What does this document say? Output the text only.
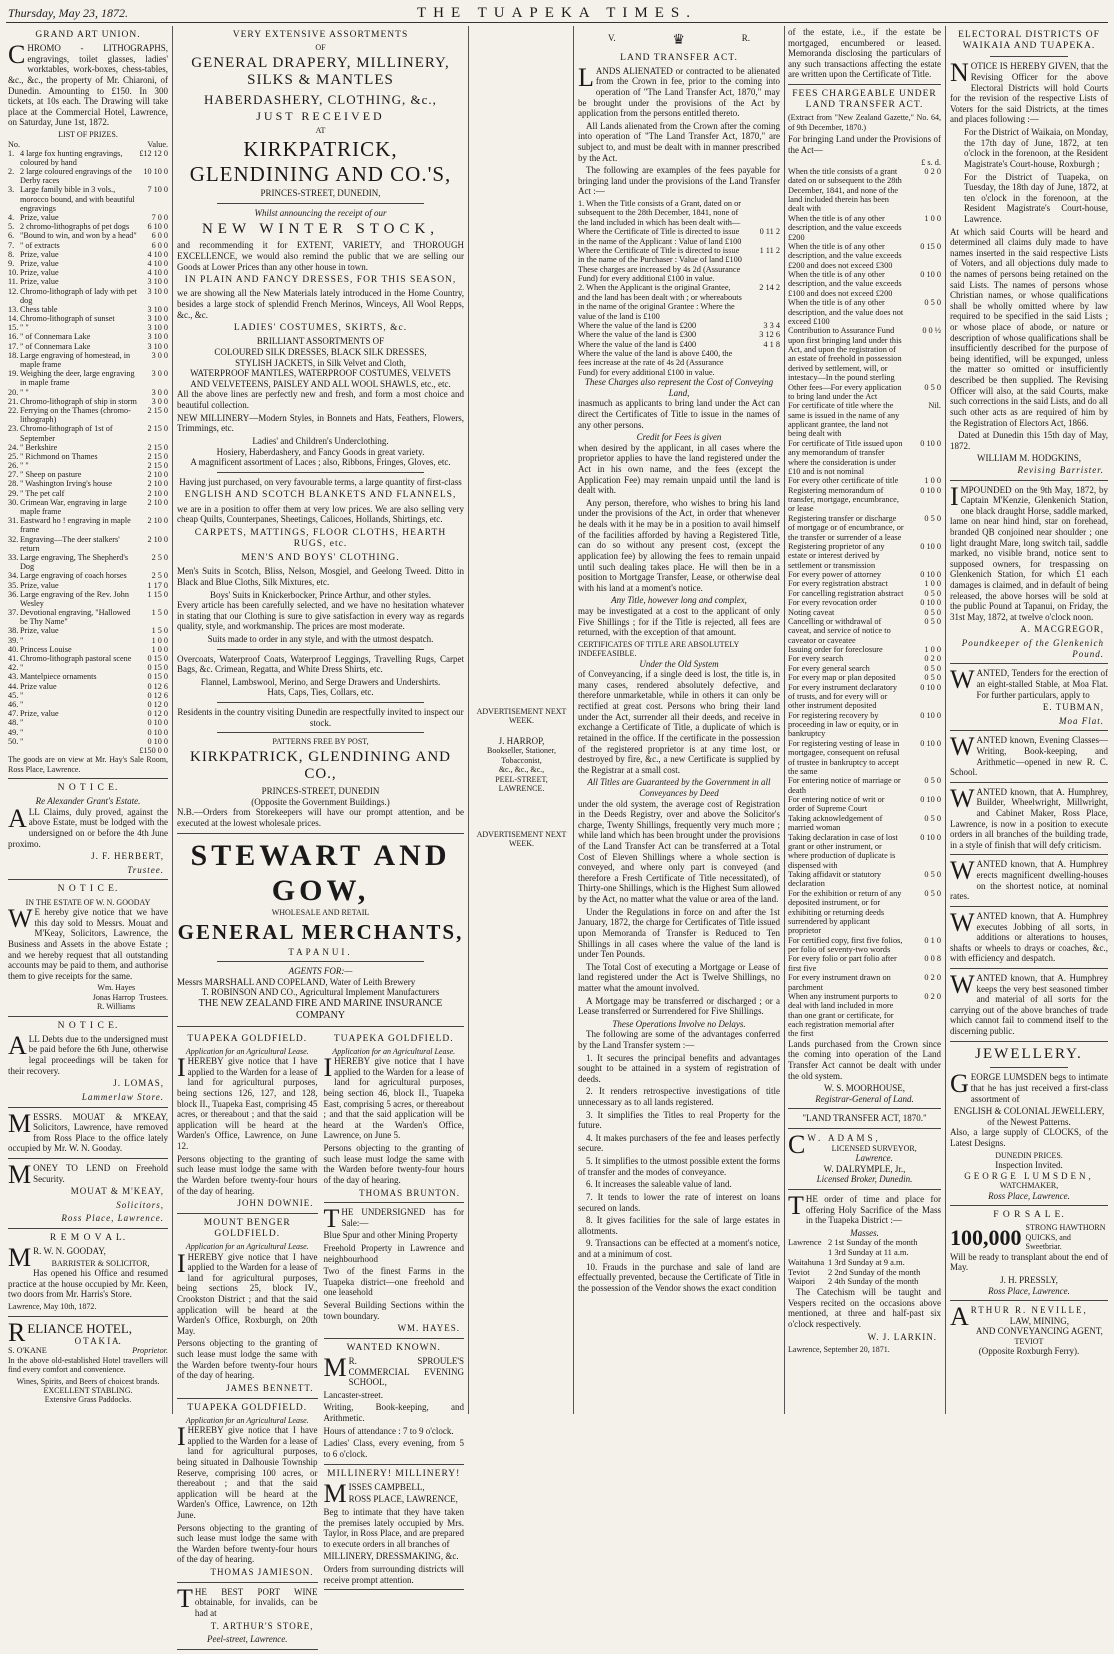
Thursday, May 23, 1872.	THE TUAPEKA TIMES.
GRAND ART UNION.

CHROMO - LITHOGRAPHS, engravings, toilet glasses, ladies' worktables, work-boxes, chess-tables, &c., &c., the property of Mr. Chiaroni, of Dunedin. Amounting to £150. In 300 tickets, at 10s each. The Drawing will take place at the Commercial Hotel, Lawrence, on Saturday, June 1st, 1872.

LIST OF PRIZES.
No.	Value.
1. 4 large fox hunting engravings, coloured by hand
£12 12 0
2. 2 large coloured engravings of the Derby races
10 10 0
3. Large family bible in 3 vols., morocco bound, and with beautiful engravings
7 10 0
4. Prize, value	7 0 0
5. 2 chromo-lithographs of pet dogs	6 10 0
6. "Bound to win, and won by a head"	6 0 0
7. " of extracts	6 0 0
8. Prize, value	4 10 0
9. Prize, value	4 10 0
10. Prize, value	4 10 0
11. Prize, value	3 10 0
12. Chromo-lithograph of lady with pet dog
3 10 0
13. Chess table	3 10 0
14. Chromo-lithograph of sunset	3 10 0
15. " "	3 10 0
16. " of Connemara Lake	3 10 0
17. " of Connemara Lake	3 10 0
18. Large engraving of homestead, in maple frame
3 0 0
19. Weighing the deer, large engraving in maple frame
3 0 0
20. " "	3 0 0
21. Chromo-lithograph of ship in storm	3 0 0
22. Ferrying on the Thames (chromo-lithograph)
2 15 0
23. Chromo-lithograph of 1st of September
2 15 0
24. " Berkshire	2 15 0
25. " Richmond on Thames	2 15 0
26. " "	2 15 0
27. " Sheep on pasture	2 10 0
28. " Washington Irving's house	2 10 0
29. " The pet calf	2 10 0
30. Crimean War, engraving in large maple frame
2 10 0
31. Eastward ho ! engraving in maple frame
2 10 0
32. Engraving—The deer stalkers' return
2 10 0
33. Large engraving, The Shepherd's Dog
2 5 0
34. Large engraving of coach horses	2 5 0
35. Prize, value	1 17 0
36. Large engraving of the Rev. John Wesley
1 15 0
37. Devotional engraving, "Hallowed be Thy Name"
1 5 0
38. Prize, value	1 5 0
39. "	1 0 0
40. Princess Louise	1 0 0
41. Chromo-lithograph pastoral scene	0 15 0
42. "	0 15 0
43. Mantelpiece ornaments	0 15 0
44. Prize value	0 12 6
45. "	0 12 6
46. "	0 12 0
47. Prize, value	0 12 0
48. "	0 10 0
49. "	0 10 0
50. "	0 10 0
£150 0 0

The goods are on view at Mr. Hay's Sale Room, Ross Place, Lawrence.

N O T I C E.
Re Alexander Grant's Estate.

ALL Claims, duly proved, against the above Estate, must be lodged with the undersigned on or before the 4th June proximo.

J. F. HERBERT,
Trustee.
N O T I C E.
IN THE ESTATE OF W. N. GOODAY

W E hereby give notice that we have this day sold to Messrs. Mouat and M'Keay, Solicitors, Lawrence, the Business and Assets in the above Estate ; and we hereby request that all outstanding accounts may be paid to them, and authorise them to give receipts for the same.

Wm. Hayes
Jonas Harrop
R. Williams
Trustees.
N O T I C E.

ALL Debts due to the undersigned must be paid before the 6th June, otherwise legal proceedings will be taken for their recovery.

J. LOMAS,
Lammerlaw Store.

MESSRS. MOUAT & M'KEAY, Solicitors, Lawrence, have removed from Ross Place to the office lately occupied by Mr. W. N. Gooday.

MONEY TO LEND on Freehold Security.

MOUAT & M'KEAY,
Solicitors,
Ross Place, Lawrence.
R E M O V A L.

M R. W. N. GOODAY,

BARRISTER & SOLICITOR,

Has opened his Office and resumed practice at the house occupied by Mr. Keen, two doors from Mr. Harris's Store.

Lawrence, May 10th, 1872.
RELIANCE HOTEL,
O T A K I A.
S. O'KANE	Proprietor.

In the above old-established Hotel travellers will find every comfort and convenience.

Wines, Spirits, and Beers of choicest brands.
EXCELLENT STABLING.
Extensive Grass Paddocks.
VERY EXTENSIVE ASSORTMENTS
OF
GENERAL DRAPERY, MILLINERY, SILKS & MANTLES
HABERDASHERY, CLOTHING, &c.,
JUST RECEIVED
AT
KIRKPATRICK, GLENDINING AND CO.'S,
PRINCES-STREET, DUNEDIN,
Whilst announcing the receipt of our
NEW WINTER STOCK,

and recommending it for EXTENT, VARIETY, and THOROUGH EXCELLENCE, we would also remind the public that we are selling our Goods at Lower Prices than any other house in town.

IN PLAIN AND FANCY DRESSES, FOR THIS SEASON,

we are showing all the New Materials lately introduced in the Home Country, besides a large stock of splendid French Merinos, Winceys, All Wool Repps, &c., &c.

LADIES' COSTUMES, SKIRTS, &c.
BRILLIANT ASSORTMENTS OF
COLOURED SILK DRESSES, BLACK SILK DRESSES,
STYLISH JACKETS, in Silk Velvet and Cloth,
WATERPROOF MANTLES, WATERPROOF COSTUMES, VELVETS
AND VELVETEENS, PAISLEY AND ALL WOOL SHAWLS, etc., etc.

All the above lines are perfectly new and fresh, and form a most choice and beautiful collection.

NEW MILLINERY—Modern Styles, in Bonnets and Hats, Feathers, Flowers, Trimmings, etc.

Ladies' and Children's Underclothing.
Hosiery, Haberdashery, and Fancy Goods in great variety.
A magnificent assortment of Laces ; also, Ribbons, Fringes, Gloves, etc.
Having just purchased, on very favourable terms, a large quantity of first-class
ENGLISH AND SCOTCH BLANKETS AND FLANNELS,

we are in a position to offer them at very low prices. We are also selling very cheap Quilts, Counterpanes, Sheetings, Calicoes, Hollands, Shirtings, etc.

CARPETS, MATTINGS, FLOOR CLOTHS, HEARTH RUGS, etc.
MEN'S AND BOYS' CLOTHING.

Men's Suits in Scotch, Bliss, Nelson, Mosgiel, and Geelong Tweed. Ditto in Black and Blue Cloths, Silk Mixtures, etc.

Boys' Suits in Knickerbocker, Prince Arthur, and other styles.

Every article has been carefully selected, and we have no hesitation whatever in stating that our Clothing is sure to give satisfaction in every way as regards quality, style, and workmanship. The prices are most moderate.

Suits made to order in any style, and with the utmost despatch.

Overcoats, Waterproof Coats, Waterproof Leggings, Travelling Rugs, Carpet Bags, &c. Crimean, Regatta, and White Dress Shirts, etc.

Flannel, Lambswool, Merino, and Serge Drawers and Undershirts.
Hats, Caps, Ties, Collars, etc.
Residents in the country visiting Dunedin are respectfully invited to inspect our stock.
PATTERNS FREE BY POST,
KIRKPATRICK, GLENDINING AND CO.,
PRINCES-STREET, DUNEDIN
(Opposite the Government Buildings.)

N.B.—Orders from Storekeepers will have our prompt attention, and be executed at the lowest wholesale prices.

STEWART AND GOW,
WHOLESALE AND RETAIL
GENERAL MERCHANTS,
TAPANUI.
AGENTS FOR:—
Messrs MARSHALL AND COPELAND, Water of Leith Brewery
T. ROBINSON AND CO., Agricultural Implement Manufacturers
THE NEW ZEALAND FIRE AND MARINE INSURANCE COMPANY
TUAPEKA GOLDFIELD.
Application for an Agricultural Lease.

IHEREBY give notice that I have applied to the Warden for a lease of land for agricultural purposes, being sections 126, 127, and 128, block II., Tuapeka East, comprising 45 acres, or thereabout ; and that the said application will be heard at the Warden's Office, Lawrence, on June 12.

Persons objecting to the granting of such lease must lodge the same with the Warden before twenty-four hours of the day of hearing.

JOHN DOWNIE.
MOUNT BENGER GOLDFIELD.
Application for an Agricultural Lease.

IHEREBY give notice that I have applied to the Warden for a lease of land for agricultural purposes, being sections 25, block IV., Crookston District ; and that the said application will be heard at the Warden's Office, Roxburgh, on 20th May.

Persons objecting to the granting of such lease must lodge the same with the Warden before twenty-four hours of the day of hearing.

JAMES BENNETT.
TUAPEKA GOLDFIELD.
Application for an Agricultural Lease.

IHEREBY give notice that I have applied to the Warden for a lease of land for agricultural purposes, being situated in Dalhousie Township Reserve, comprising 100 acres, or thereabout ; and that the said application will be heard at the Warden's Office, Lawrence, on 12th June.

Persons objecting to the granting of such lease must lodge the same with the Warden before twenty-four hours of the day of hearing.

THOMAS JAMIESON.

THE BEST PORT WINE obtainable, for invalids, can be had at

T. ARTHUR'S STORE,
Peel-street, Lawrence.
TUAPEKA GOLDFIELD.
Application for an Agricultural Lease.

IHEREBY give notice that I have applied to the Warden for a lease of land for agricultural purposes, being section 46, block II., Tuapeka East, comprising 5 acres, or thereabout ; and that the said application will be heard at the Warden's Office, Lawrence, on June 5.

Persons objecting to the granting of such lease must lodge the same with the Warden before twenty-four hours of the day of hearing.

THOMAS BRUNTON.

THE UNDERSIGNED has for Sale:—

Blue Spur and other Mining Property

Freehold Property in Lawrence and neighbourhood

Two of the finest Farms in the Tuapeka district—one freehold and one leasehold

Several Building Sections within the town boundary.

WM. HAYES.
WANTED KNOWN.

M R. SPROULE'S COMMERCIAL EVENING SCHOOL,

Lancaster-street.

Writing, Book-keeping, and Arithmetic.

Hours of attendance : 7 to 9 o'clock.

Ladies' Class, every evening, from 5 to 6 o'clock.

MILLINERY! MILLINERY!

MISSES CAMPBELL,

ROSS PLACE, LAWRENCE,

Beg to intimate that they have taken the premises lately occupied by Mrs. Taylor, in Ross Place, and are prepared to execute orders in all branches of

MILLINERY, DRESSMAKING, &c.

Orders from surrounding districts will receive prompt attention.

ADVERTISEMENT NEXT WEEK.
J. HARROP,
Bookseller, Stationer, Tobacconist,
&c., &c., &c.,
PEEL-STREET, LAWRENCE.
ADVERTISEMENT NEXT WEEK.
V.	♛	R.
LAND TRANSFER ACT.

LANDS ALIENATED or contracted to be alienated from the Crown in fee, prior to the coming into operation of "The Land Transfer Act, 1870," may be brought under the provisions of the Act by application from the persons entitled thereto.

All Lands alienated from the Crown after the coming into operation of "The Land Transfer Act, 1870," are subject to, and must be dealt with in manner prescribed by the Act.

The following are examples of the fees payable for bringing land under the provisions of the Land Transfer Act :—

1. When the Title consists of a Grant, dated on or subsequent to the 28th December, 1841, none of the land included in which has been dealt with—
Where the Certificate of Title is directed to issue in the name of the Applicant : Value of land £100
0 11 2
Where the Certificate of Title is directed to issue in the name of the Purchaser : Value of land £100
1 11 2
These charges are increased by 4s 2d (Assurance Fund) for every additional £100 in value.
2. When the Applicant is the original Grantee, and the land has been dealt with ; or whereabouts in the name of the original Grantee : Where the value of the land is £100
2 14 2
Where the value of the land is £200	3 3 4
Where the value of the land is £300	3 12 6
Where the value of the land is £400	4 1 8
Where the value of the land is above £400, the fees increase at the rate of 4s 2d (Assurance Fund) for every additional £100 in value.
These Charges also represent the Cost of Conveying Land,

inasmuch as applicants to bring land under the Act can direct the Certificates of Title to issue in the names of any other persons.

Credit for Fees is given

when desired by the applicant, in all cases where the proprietor applies to have the land registered under the Act in his own name, and the fees (except the Application Fee) may remain unpaid until the land is dealt with.

Any person, therefore, who wishes to bring his land under the provisions of the Act, in order that whenever he deals with it he may be in a position to avail himself of the facilities afforded by having a Registered Title, can do so without any present cost, (except the application fee) by allowing the fees to remain unpaid until such dealing takes place. He will then be in a position to Mortgage Transfer, Lease, or otherwise deal with his land at a moment's notice.

Any Title, however long and complex,

may be investigated at a cost to the applicant of only Five Shillings ; for if the Title is rejected, all fees are returned, with the exception of that amount.

CERTIFICATES OF TITLE ARE ABSOLUTELY INDEFEASIBLE.
Under the Old System

of Conveyancing, if a single deed is lost, the title is, in many cases, rendered absolutely defective, and therefore unmarketable, while in others it can only be rectified at great cost. Persons who bring their land under the Act, surrender all their deeds, and receive in exchange a Certificate of Title, a duplicate of which is retained in the office. If the certificate in the possession of the registered proprietor is at any time lost, or destroyed by fire, &c., a new Certificate is supplied by the Registrar at a small cost.

All Titles are Guaranteed by the Government in all Conveyances by Deed

under the old system, the average cost of Registration in the Deeds Registry, over and above the Solicitor's charge, Twenty Shillings, frequently very much more ; while land which has been brought under the provisions of the Land Transfer Act can be transferred at a Total Cost of Eleven Shillings where a whole section is conveyed, and where only part is conveyed (and therefore a Fresh Certificate of Title necessitated), of Thirty-one Shillings, which is the Highest Sum allowed by the Act, no matter what the value or area of the land.

Under the Regulations in force on and after the 1st January, 1872, the charge for Certificates of Title issued upon Memoranda of Transfer is Reduced to Ten Shillings in all cases where the value of the land is under Ten Pounds.

The Total Cost of executing a Mortgage or Lease of land registered under the Act is Twelve Shillings, no matter what the amount involved.

A Mortgage may be transferred or discharged ; or a Lease transferred or Surrendered for Five Shillings.

These Operations Involve no Delays.

The following are some of the advantages conferred by the Land Transfer system :—

1. It secures the principal benefits and advantages sought to be attained in a system of registration of deeds.

2. It renders retrospective investigations of title unnecessary as to all lands registered.

3. It simplifies the Titles to real Property for the future.

4. It makes purchasers of the fee and leases perfectly secure.

5. It simplifies to the utmost possible extent the forms of transfer and the modes of conveyance.

6. It increases the saleable value of land.

7. It tends to lower the rate of interest on loans secured on lands.

8. It gives facilities for the sale of large estates in allotments.

9. Transactions can be effected at a moment's notice, and at a minimum of cost.

10. Frauds in the purchase and sale of land are effectually prevented, because the Certificate of Title in the possession of the Vendor shows the exact condition

of the estate, i.e., if the estate be mortgaged, encumbered or leased. Memoranda disclosing the particulars of any such transactions affecting the estate are written upon the Certificate of Title.

FEES CHARGEABLE UNDER LAND TRANSFER ACT.

(Extract from "New Zealand Gazette," No. 64, of 9th December, 1870.)

For bringing Land under the Provisions of the Act—

£ s. d.
When the title consists of a grant dated on or subsequent to the 28th December, 1841, and none of the land included therein has been dealt with
0 2 0
When the title is of any other description, and the value exceeds £200
1 0 0
When the title is of any other description, and the value exceeds £200 and does not exceed £300
0 15 0
When the title is of any other description, and the value exceeds £100 and does not exceed £200
0 10 0
When the title is of any other description, and the value does not exceed £100
0 5 0
Contribution to Assurance Fund upon first bringing land under this Act, and upon the registration of an estate of freehold in possession derived by settlement, will, or intestacy—In the pound sterling
0 0 ½
Other fees—For every application to bring land under the Act
0 5 0
For certificate of title where the same is issued in the name of any applicant grantee, the land not being dealt with
Nil.
For certificate of Title issued upon any memorandum of transfer where the consideration is under £10 and is not nominal
0 10 0
For every other certificate of title	1 0 0
Registering memorandum of transfer, mortgage, encumbrance, or lease
0 10 0
Registering transfer or discharge of mortgage or of encumbrance, or the transfer or surrender of a lease
0 5 0
Registering proprietor of any estate or interest derived by settlement or transmission
0 10 0
For every power of attorney	0 10 0
For every registration abstract	1 0 0
For cancelling registration abstract	0 5 0
For every revocation order	0 10 0
Noting caveat	0 5 0
Cancelling or withdrawal of caveat, and service of notice to caveator or caveatee
0 5 0
Issuing order for foreclosure	1 0 0
For every search	0 2 0
For every general search	0 5 0
For every map or plan deposited	0 5 0
For every instrument declaratory of trusts, and for every will or other instrument deposited
0 10 0
For registering recovery by proceeding in law or equity, or in bankruptcy
0 10 0
For registering vesting of lease in mortgagee, consequent on refusal of trustee in bankruptcy to accept the same
0 10 0
For entering notice of marriage or death
0 5 0
For entering notice of writ or order of Supreme Court
0 10 0
Taking acknowledgement of married woman
0 5 0
Taking declaration in case of lost grant or other instrument, or where production of duplicate is dispensed with
0 10 0
Taking affidavit or statutory declaration
0 5 0
For the exhibition or return of any deposited instrument, or for exhibiting or returning deeds surrendered by applicant proprietor
0 5 0
For certified copy, first five folios, per folio of seventy-two words
0 1 0
For every folio or part folio after first five
0 0 8
For every instrument drawn on parchment
0 2 0
When any instrument purports to deal with land included in more than one grant or certificate, for each registration memorial after the first
0 2 0

Lands purchased from the Crown since the coming into operation of the Land Transfer Act cannot be dealt with under the old system.

W. S. MOORHOUSE,
Registrar-General of Land.
"LAND TRANSFER ACT, 1870."
C W. ADAMS,
LICENSED SURVEYOR,
Lawrence.
W. DALRYMPLE, Jr.,
Licensed Broker, Dunedin.

THE order of time and place for offering Holy Sacrifice of the Mass in the Tuapeka District :—

Masses.
Lawrence 2 1st Sunday of the month
1 3rd Sunday at 11 a.m.
Waitahuna 1 3rd Sunday at 9 a.m.
Teviot	2 2nd Sunday of the month
Waipori	2 4th Sunday of the month

The Catechism will be taught and Vespers recited on the occasions above mentioned, at three and half-past six o'clock respectively.

W. J. LARKIN.
Lawrence, September 20, 1871.
ELECTORAL DISTRICTS OF WAIKAIA AND TUAPEKA.

NOTICE IS HEREBY GIVEN, that the Revising Officer for the above Electoral Districts will hold Courts for the revision of the respective Lists of Voters for the said Districts, at the times and places following :—

For the District of Waikaia, on Monday, the 17th day of June, 1872, at ten o'clock in the forenoon, at the Resident Magistrate's Court-house, Roxburgh ;

For the District of Tuapeka, on Tuesday, the 18th day of June, 1872, at ten o'clock in the forenoon, at the Resident Magistrate's Court-house, Lawrence.

At which said Courts will be heard and determined all claims duly made to have names inserted in the said respective Lists of Voters, and all objections duly made to the names of persons being retained on the said Lists. The names of persons whose Christian names, or whose qualifications shall be wholly omitted where by law required to be specified in the said Lists ; or whose place of abode, or nature or description of whose qualifications shall be insufficiently described for the purpose of being identified, will be expunged, unless the matter so omitted or insufficiently described be then supplied. The Revising Officer will also, at the said Courts, make such corrections in the said Lists, and do all such other acts as are required of him by the Registration of Electors Act, 1866.

Dated at Dunedin this 15th day of May, 1872.

WILLIAM M. HODGKINS,
Revising Barrister.

IMPOUNDED on the 9th May, 1872, by Captain M'Kenzie, Glenkenich Station, one black draught Horse, saddle marked, lame on near hind hind, star on forehead, branded QB conjoined near shoulder ; one light draught Mare, long switch tail, saddle marked, no visible brand, notice sent to supposed owners, for trespassing on Glenkenich Station, for which £1 each damages is claimed, and in default of being released, the above horses will be sold at the public Pound at Tapanui, on Friday, the 31st May, 1872, at twelve o'clock noon.

A. MACGREGOR,
Poundkeeper of the Glenkenich Pound.

WANTED, Tenders for the erection of an eight-stalled Stable, at Moa Flat. For further particulars, apply to

E. TUBMAN,
Moa Flat.

WANTED known, Evening Classes—Writing, Book-keeping, and Arithmetic—opened in new R. C. School.

WANTED known, that A. Humphrey, Builder, Wheelwright, Millwright, and Cabinet Maker, Ross Place, Lawrence, is now in a position to execute orders in all branches of the building trade, in a style of finish that will defy criticism.

WANTED known, that A. Humphrey erects magnificent dwelling-houses on the shortest notice, at nominal rates.

WANTED known, that A. Humphrey executes Jobbing of all sorts, in additions or alterations to houses, shafts or wheels to drays or coaches, &c., with efficiency and despatch.

WANTED known, that A. Humphrey keeps the very best seasoned timber and material of all sorts for the carrying out of the above branches of trade which cannot fail to commend itself to the discerning public.

JEWELLERY.

GEORGE LUMSDEN begs to intimate that he has just received a first-class assortment of

ENGLISH & COLONIAL JEWELLERY, of the Newest Patterns.

Also, a large supply of CLOCKS, of the Latest Designs.

DUNEDIN PRICES.
Inspection Invited.
GEORGE LUMSDEN,
WATCHMAKER,
Ross Place, Lawrence.
F O R S A L E.
100,000 STRONG HAWTHORN QUICKS, and Sweetbriar.

Will be ready to transplant about the end of May.

J. H. PRESSLY,
Ross Place, Lawrence.
ARTHUR R. NEVILLE,
LAW, MINING,
AND CONVEYANCING AGENT,
TEVIOT
(Opposite Roxburgh Ferry).
